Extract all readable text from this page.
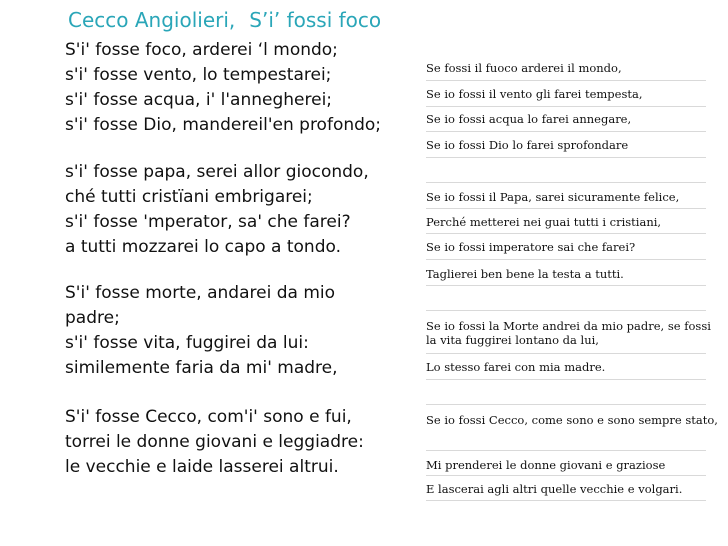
Cecco Angiolieri, S’i’ fossi foco
S'i' fosse foco, arderei ‘l mondo;
s'i' fosse vento, lo tempestarei;
s'i' fosse acqua, i' l'annegherei;
s'i' fosse Dio, mandereil'en profondo;
s'i' fosse papa, serei allor giocondo,
ché tutti cristïani embrigarei;
s'i' fosse 'mperator, sa' che farei?
a tutti mozzarei lo capo a tondo.
S'i' fosse morte, andarei da mio
padre;
s'i' fosse vita, fuggirei da lui:
similemente faria da mi' madre,
S'i' fosse Cecco, com'i' sono e fui,
torrei le donne giovani e leggiadre:
le vecchie e laide lasserei altrui.
Se fossi il fuoco arderei il mondo,
Se io fossi il vento gli farei tempesta,
Se io fossi acqua lo farei annegare,
Se io fossi Dio lo farei sprofondare
Se io fossi il Papa, sarei sicuramente felice,
Perché metterei nei guai tutti i cristiani,
Se io fossi imperatore sai che farei?
Taglierei ben bene la testa a tutti.
Se io fossi la Morte andrei da mio padre, se fossi la vita fuggirei lontano da lui,
Lo stesso farei con mia madre.
Se io fossi Cecco, come sono e sono sempre stato,
Mi prenderei le donne giovani e graziose
E lascerai agli altri quelle vecchie e volgari.
